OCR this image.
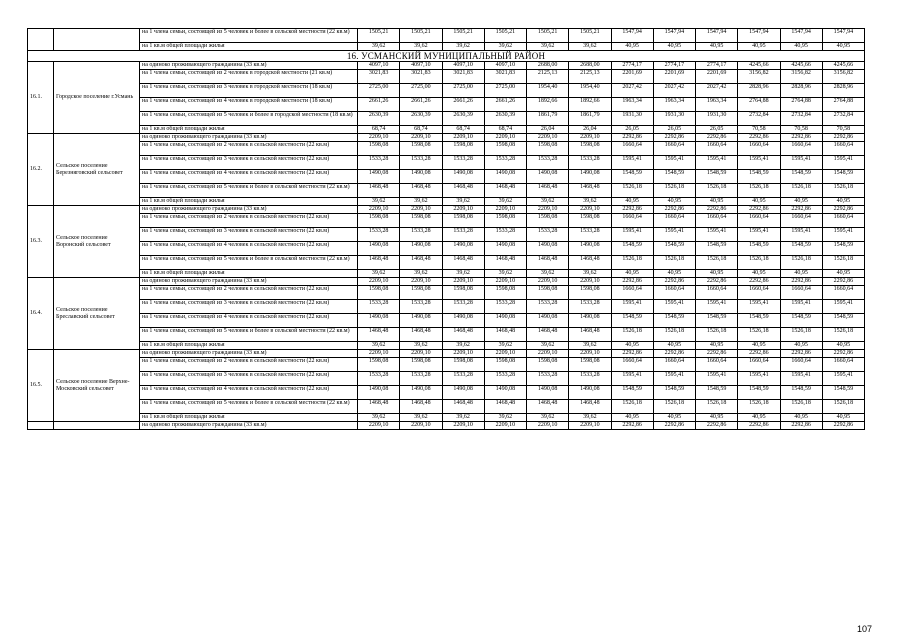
		на 1 члена семьи, состоящей из 5 человек и более в сельской местности (22 кв.м)	1505,21	1505,21	1505,21	1505,21	1505,21	1505,21	1547,94	1547,94	1547,94	1547,94	1547,94	1547,94
		на 1 кв.м общей площади жилья	39,62	39,62	39,62	39,62	39,62	39,62	40,95	40,95	40,95	40,95	40,95	40,95
16. УСМАНСКИЙ МУНИЦИПАЛЬНЫЙ РАЙОН														
16.1.	Городское поселение г.Усмань	на одиноко проживающего гражданина (33 кв.м)	4097,10	4097,10	4097,10	4097,10	2688,00	2688,00	2774,17	2774,17	2774,17	4245,66	4245,66	4245,66
		на 1 члена семьи, состоящей из 2 человек в городской местности (21 кв.м)	3021,83	3021,83	3021,83	3021,83	2125,13	2125,13	2201,69	2201,69	2201,69	3156,82	3156,82	3156,82
		на 1 члена семьи, состоящей из 3 человек в городской местности (18 кв.м)	2725,00	2725,00	2725,00	2725,00	1954,40	1954,40	2027,42	2027,42	2027,42	2828,96	2828,96	2828,96
		на 1 члена семьи, состоящей из 4 человек в городской местности (18 кв.м)	2661,26	2661,26	2661,26	2661,26	1892,66	1892,66	1963,34	1963,34	1963,34	2764,88	2764,88	2764,88
		на 1 члена семьи, состоящей из 5 человек и более в городской местности (18 кв.м)	2630,39	2630,39	2630,39	2630,39	1861,79	1861,79	1931,30	1931,30	1931,30	2732,84	2732,84	2732,84
		на 1 кв.м общей площади жилья	68,74	68,74	68,74	68,74	26,04	26,04	26,05	26,05	26,05	70,58	70,58	70,58
16.2.	Сельское поселение Березняговский сельсовет	на одиноко проживающего гражданина (33 кв.м)	2209,10	2209,10	2209,10	2209,10	2209,10	2209,10	2292,86	2292,86	2292,86	2292,86	2292,86	2292,86
		на 1 члена семьи, состоящей из 2 человек в сельской местности (22 кв.м)	1598,08	1598,08	1598,08	1598,08	1598,08	1598,08	1660,64	1660,64	1660,64	1660,64	1660,64	1660,64
		на 1 члена семьи, состоящей из 3 человек в сельской местности (22 кв.м)	1533,28	1533,28	1533,28	1533,28	1533,28	1533,28	1595,41	1595,41	1595,41	1595,41	1595,41	1595,41
		на 1 члена семьи, состоящей из 4 человек в сельской местности (22 кв.м)	1490,08	1490,08	1490,08	1490,08	1490,08	1490,08	1548,59	1548,59	1548,59	1548,59	1548,59	1548,59
		на 1 члена семьи, состоящей из 5 человек и более в сельской местности (22 кв.м)	1468,48	1468,48	1468,48	1468,48	1468,48	1468,48	1526,18	1526,18	1526,18	1526,18	1526,18	1526,18
		на 1 кв.м общей площади жилья	39,62	39,62	39,62	39,62	39,62	39,62	40,95	40,95	40,95	40,95	40,95	40,95
16.3.	Сельское поселение Воронский сельсовет	на одиноко проживающего гражданина (33 кв.м)	2209,10	2209,10	2209,10	2209,10	2209,10	2209,10	2292,86	2292,86	2292,86	2292,86	2292,86	2292,86
		на 1 члена семьи, состоящей из 2 человек в сельской местности (22 кв.м)	1598,08	1598,08	1598,08	1598,08	1598,08	1598,08	1660,64	1660,64	1660,64	1660,64	1660,64	1660,64
		на 1 члена семьи, состоящей из 3 человек в сельской местности (22 кв.м)	1533,28	1533,28	1533,28	1533,28	1533,28	1533,28	1595,41	1595,41	1595,41	1595,41	1595,41	1595,41
		на 1 члена семьи, состоящей из 4 человек в сельской местности (22 кв.м)	1490,08	1490,08	1490,08	1490,08	1490,08	1490,08	1548,59	1548,59	1548,59	1548,59	1548,59	1548,59
		на 1 члена семьи, состоящей из 5 человек и более в сельской местности (22 кв.м)	1468,48	1468,48	1468,48	1468,48	1468,48	1468,48	1526,18	1526,18	1526,18	1526,18	1526,18	1526,18
		на 1 кв.м общей площади жилья	39,62	39,62	39,62	39,62	39,62	39,62	40,95	40,95	40,95	40,95	40,95	40,95
16.4.	Сельское поселение Бреславский сельсовет	на одиноко проживающего гражданина (33 кв.м)	2209,10	2209,10	2209,10	2209,10	2209,10	2209,10	2292,86	2292,86	2292,86	2292,86	2292,86	2292,86
		на 1 члена семьи, состоящей из 2 человек в сельской местности (22 кв.м)	1598,08	1598,08	1598,08	1598,08	1598,08	1598,08	1660,64	1660,64	1660,64	1660,64	1660,64	1660,64
		на 1 члена семьи, состоящей из 3 человек в сельской местности (22 кв.м)	1533,28	1533,28	1533,28	1533,28	1533,28	1533,28	1595,41	1595,41	1595,41	1595,41	1595,41	1595,41
		на 1 члена семьи, состоящей из 4 человек в сельской местности (22 кв.м)	1490,08	1490,08	1490,08	1490,08	1490,08	1490,08	1548,59	1548,59	1548,59	1548,59	1548,59	1548,59
		на 1 члена семьи, состоящей из 5 человек и более в сельской местности (22 кв.м)	1468,48	1468,48	1468,48	1468,48	1468,48	1468,48	1526,18	1526,18	1526,18	1526,18	1526,18	1526,18
		на 1 кв.м общей площади жилья	39,62	39,62	39,62	39,62	39,62	39,62	40,95	40,95	40,95	40,95	40,95	40,95
16.5.	Сельское поселение Верхне-Московский сельсовет	на одиноко проживающего гражданина (33 кв.м)	2209,10	2209,10	2209,10	2209,10	2209,10	2209,10	2292,86	2292,86	2292,86	2292,86	2292,86	2292,86
		на 1 члена семьи, состоящей из 2 человек в сельской местности (22 кв.м)	1598,08	1598,08	1598,08	1598,08	1598,08	1598,08	1660,64	1660,64	1660,64	1660,64	1660,64	1660,64
		на 1 члена семьи, состоящей из 3 человек в сельской местности (22 кв.м)	1533,28	1533,28	1533,28	1533,28	1533,28	1533,28	1595,41	1595,41	1595,41	1595,41	1595,41	1595,41
		на 1 члена семьи, состоящей из 4 человек в сельской местности (22 кв.м)	1490,08	1490,08	1490,08	1490,08	1490,08	1490,08	1548,59	1548,59	1548,59	1548,59	1548,59	1548,59
		на 1 члена семьи, состоящей из 5 человек и более в сельской местности (22 кв.м)	1468,48	1468,48	1468,48	1468,48	1468,48	1468,48	1526,18	1526,18	1526,18	1526,18	1526,18	1526,18
		на 1 кв.м общей площади жилья	39,62	39,62	39,62	39,62	39,62	39,62	40,95	40,95	40,95	40,95	40,95	40,95
		на одиноко проживающего гражданина (33 кв.м)	2209,10	2209,10	2209,10	2209,10	2209,10	2209,10	2292,86	2292,86	2292,86	2292,86	2292,86	2292,86
107
